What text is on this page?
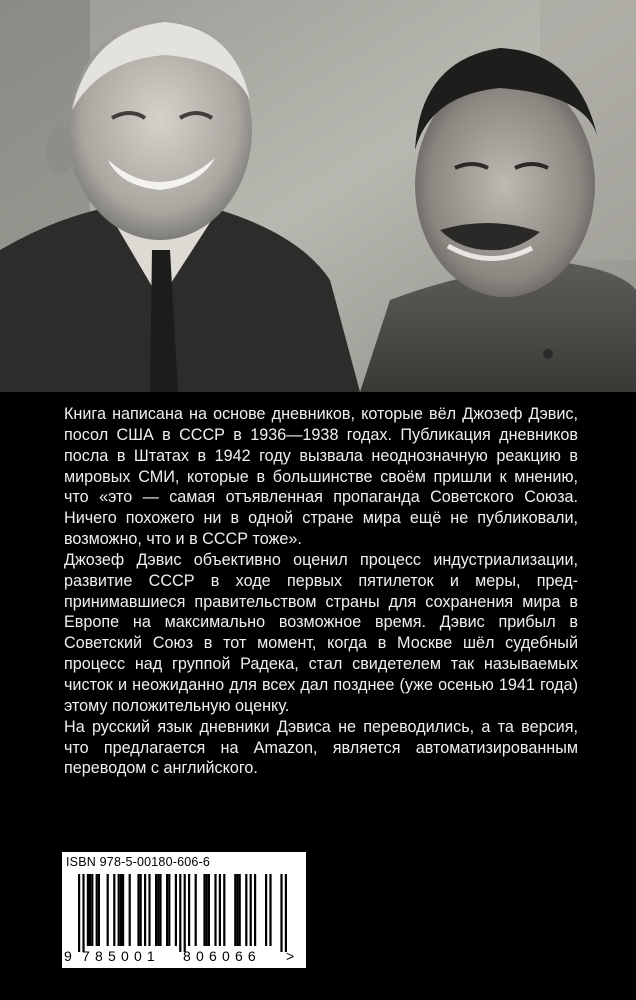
Книга написана на основе дневников, которые вёл Джозеф Дэвис, посол США в СССР в 1936—1938 годах. Публикация дневников посла в Штатах в 1942 году вызвала неоднозначную реакцию в мировых СМИ, которые в большинстве своём пришли к мнению, что «это — самая отъявленная пропаганда Советского Союза. Ничего похожего ни в одной стране мира ещё не публиковали, возможно, что и в СССР тоже».

Джозеф Дэвис объективно оценил процесс индустриализации, развитие СССР в ходе первых пятилеток и меры, предпринимавшиеся правительством страны для сохранения мира в Европе на максимально возможное время. Дэвис прибыл в Советский Союз в тот момент, когда в Москве шёл судебный процесс над группой Радека, стал свидетелем так называемых чисток и неожиданно для всех дал позднее (уже осенью 1941 года) этому положительную оценку.

На русский язык дневники Дэвиса не переводились, а та версия, что предлагается на Amazon, является автоматизированным переводом с английского.

ISBN 978-5-00180-606-6
9 785001 806066 >
